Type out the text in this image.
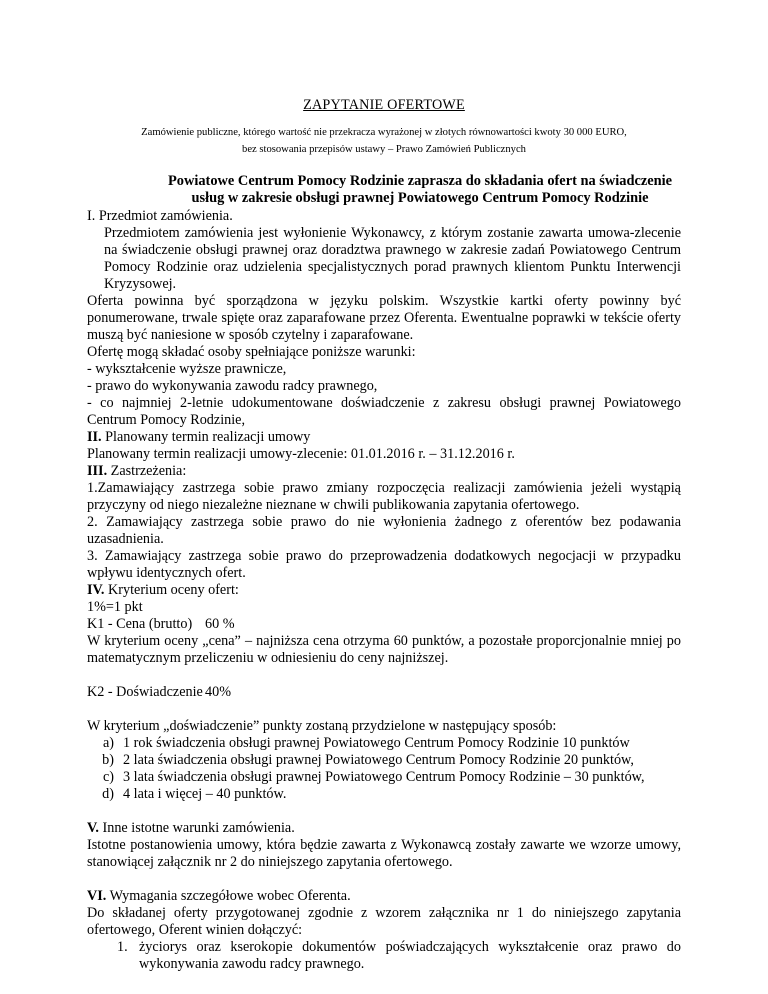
ZAPYTANIE OFERTOWE
Zamówienie publiczne, którego wartość nie przekracza wyrażonej w złotych równowartości kwoty 30 000 EURO,
bez stosowania przepisów ustawy – Prawo Zamówień Publicznych
Powiatowe Centrum Pomocy Rodzinie zaprasza do składania ofert na świadczenie
usług w zakresie obsługi prawnej Powiatowego Centrum Pomocy Rodzinie
I. Przedmiot zamówienia.
Przedmiotem zamówienia jest wyłonienie Wykonawcy, z którym zostanie zawarta umowa-zlecenie na świadczenie obsługi prawnej oraz doradztwa prawnego w zakresie zadań Powiatowego Centrum Pomocy Rodzinie oraz udzielenia specjalistycznych porad prawnych klientom Punktu Interwencji Kryzysowej.
Oferta powinna być sporządzona w języku polskim. Wszystkie kartki oferty powinny być ponumerowane, trwale spięte oraz zaparafowane przez Oferenta. Ewentualne poprawki w tekście oferty muszą być naniesione w sposób czytelny i zaparafowane.
Ofertę mogą składać osoby spełniające poniższe warunki:
- wykształcenie wyższe prawnicze,
- prawo do wykonywania zawodu radcy prawnego,
- co najmniej 2-letnie udokumentowane doświadczenie z zakresu obsługi prawnej Powiatowego Centrum Pomocy Rodzinie,
II. Planowany termin realizacji umowy
Planowany termin realizacji umowy-zlecenie: 01.01.2016 r. – 31.12.2016 r.
III. Zastrzeżenia:
1.Zamawiający zastrzega sobie prawo zmiany rozpoczęcia realizacji zamówienia jeżeli wystąpią przyczyny od niego niezależne nieznane w chwili publikowania zapytania ofertowego.
2. Zamawiający zastrzega sobie prawo do nie wyłonienia żadnego z oferentów bez podawania uzasadnienia.
3. Zamawiający zastrzega sobie prawo do przeprowadzenia dodatkowych negocjacji w przypadku wpływu identycznych ofert.
IV. Kryterium oceny ofert:
1%=1 pkt
K1 - Cena (brutto) 60 %
W kryterium oceny „cena” – najniższa cena otrzyma 60 punktów, a pozostałe proporcjonalnie mniej po matematycznym przeliczeniu w odniesieniu do ceny najniższej.
K2 - Doświadczenie 40%
W kryterium „doświadczenie” punkty zostaną przydzielone w następujący sposób:
a) 1 rok świadczenia obsługi prawnej Powiatowego Centrum Pomocy Rodzinie 10 punktów
b) 2 lata świadczenia obsługi prawnej Powiatowego Centrum Pomocy Rodzinie 20 punktów,
c) 3 lata świadczenia obsługi prawnej Powiatowego Centrum Pomocy Rodzinie – 30 punktów,
d) 4 lata i więcej – 40 punktów.
V. Inne istotne warunki zamówienia.
Istotne postanowienia umowy, która będzie zawarta z Wykonawcą zostały zawarte we wzorze umowy, stanowiącej załącznik nr 2 do niniejszego zapytania ofertowego.
VI. Wymagania szczegółowe wobec Oferenta.
Do składanej oferty przygotowanej zgodnie z wzorem załącznika nr 1 do niniejszego zapytania ofertowego, Oferent winien dołączyć:
1. życiorys oraz kserokopie dokumentów poświadczających wykształcenie oraz prawo do wykonywania zawodu radcy prawnego.
